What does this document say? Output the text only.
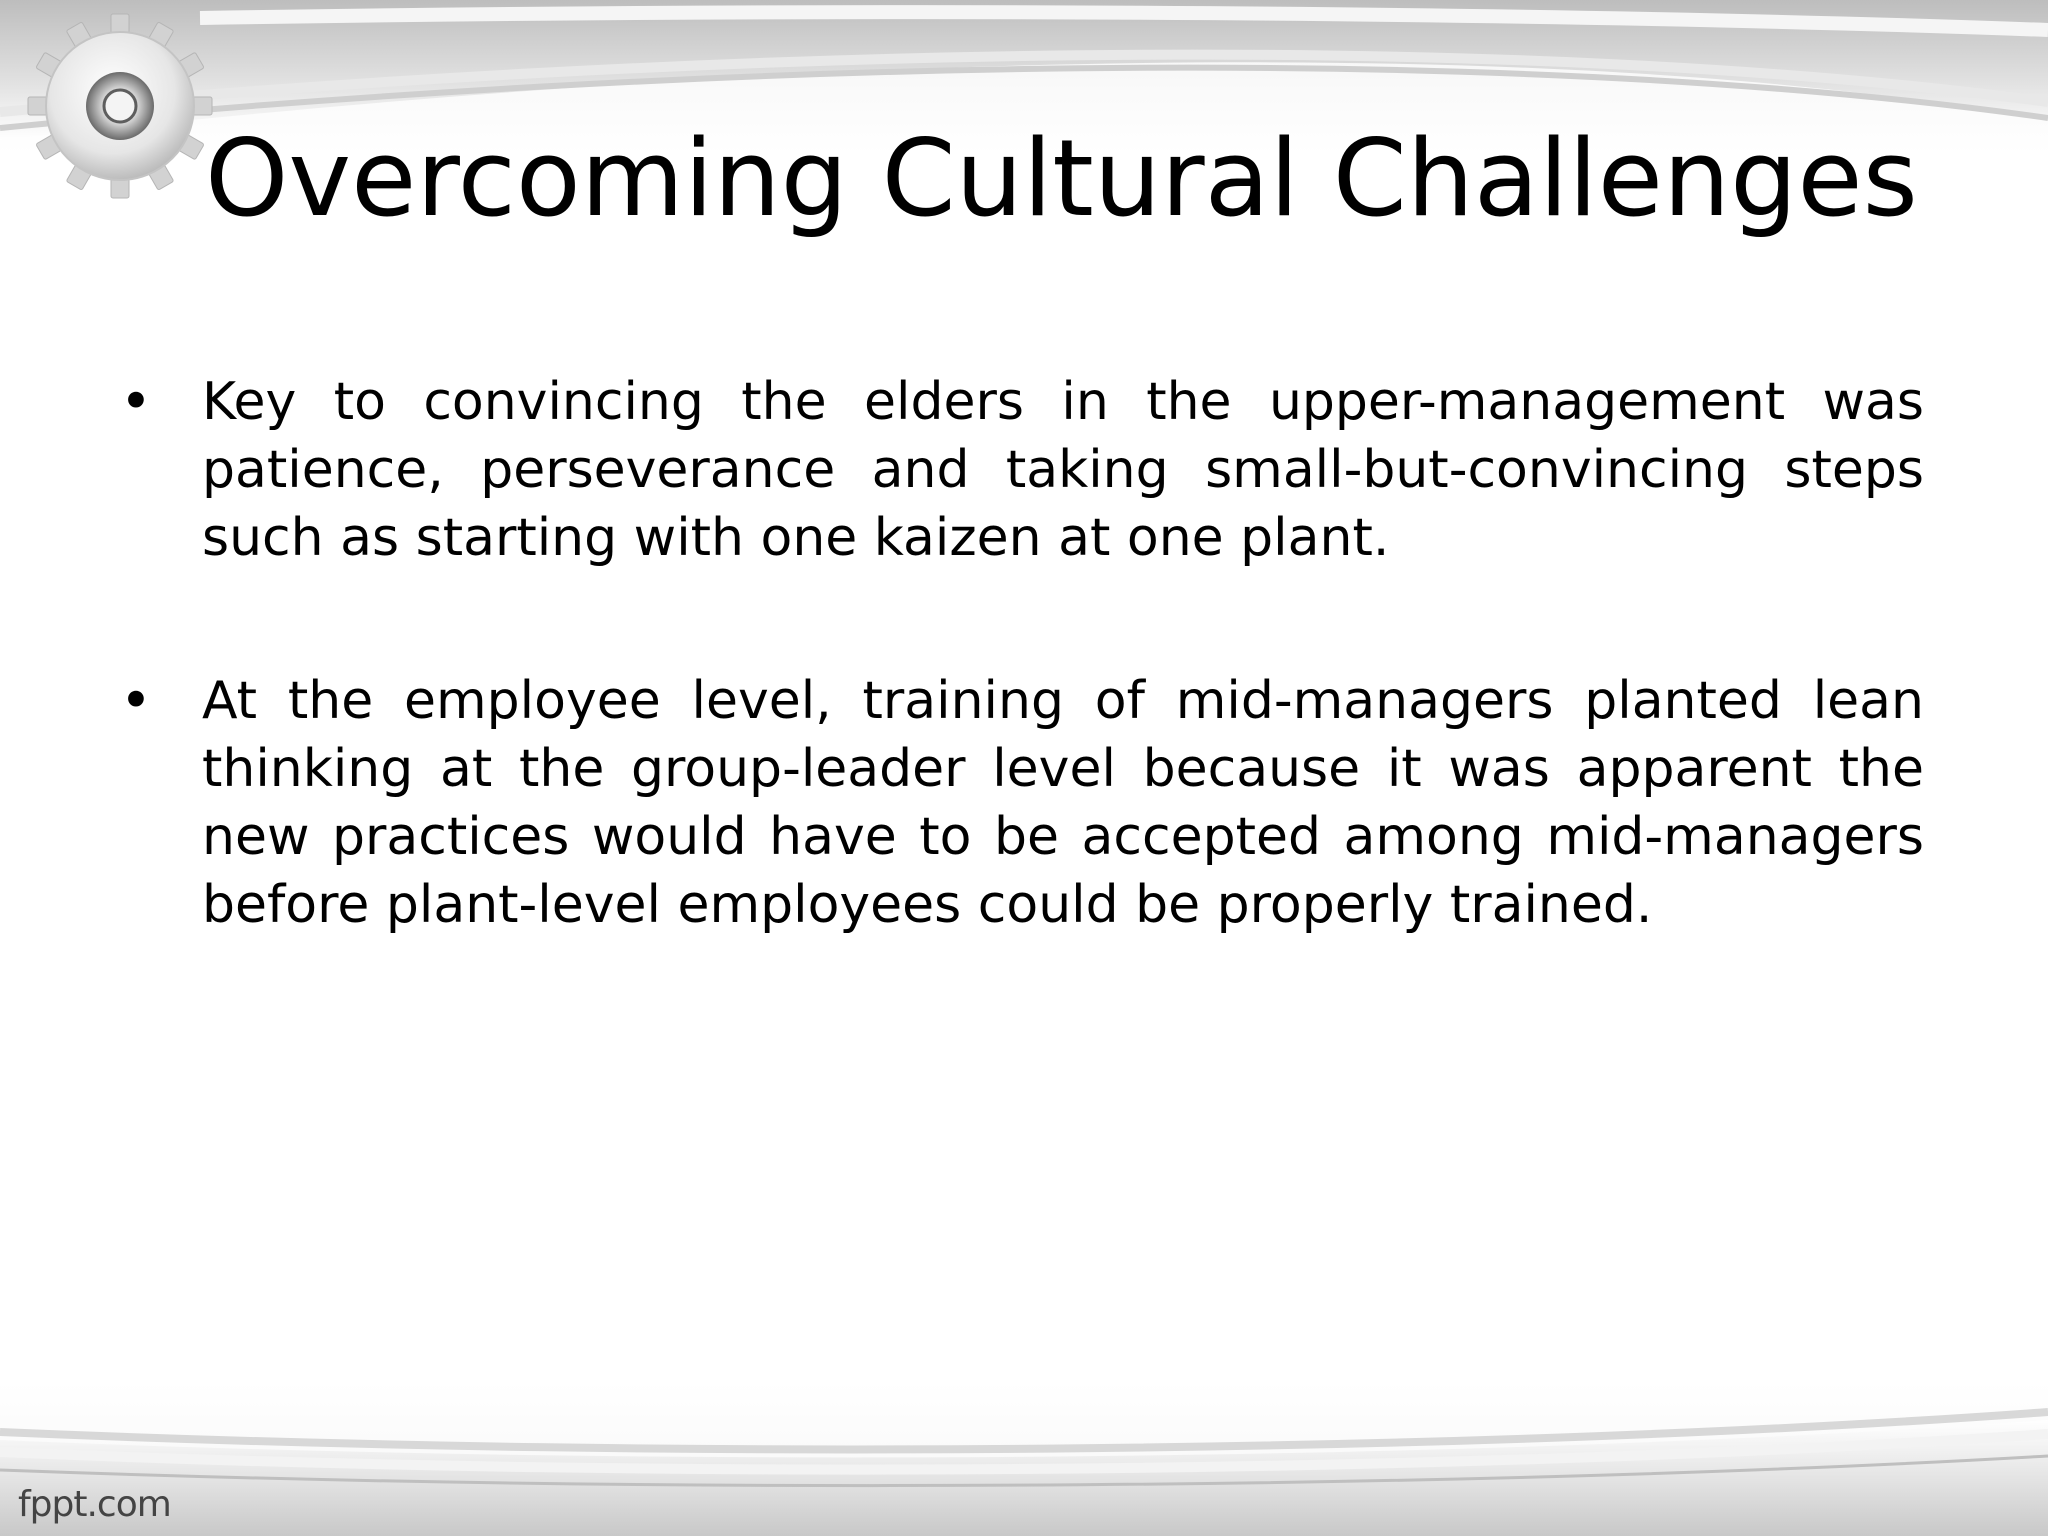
Overcoming Cultural Challenges
• Key to convincing the elders in the upper-management was patience, perseverance and taking small-but-convincing steps such as starting with one kaizen at one plant.
• At the employee level, training of mid-managers planted lean thinking at the group-leader level because it was apparent the new practices would have to be accepted among mid-managers before plant-level employees could be properly trained.
fppt.com
